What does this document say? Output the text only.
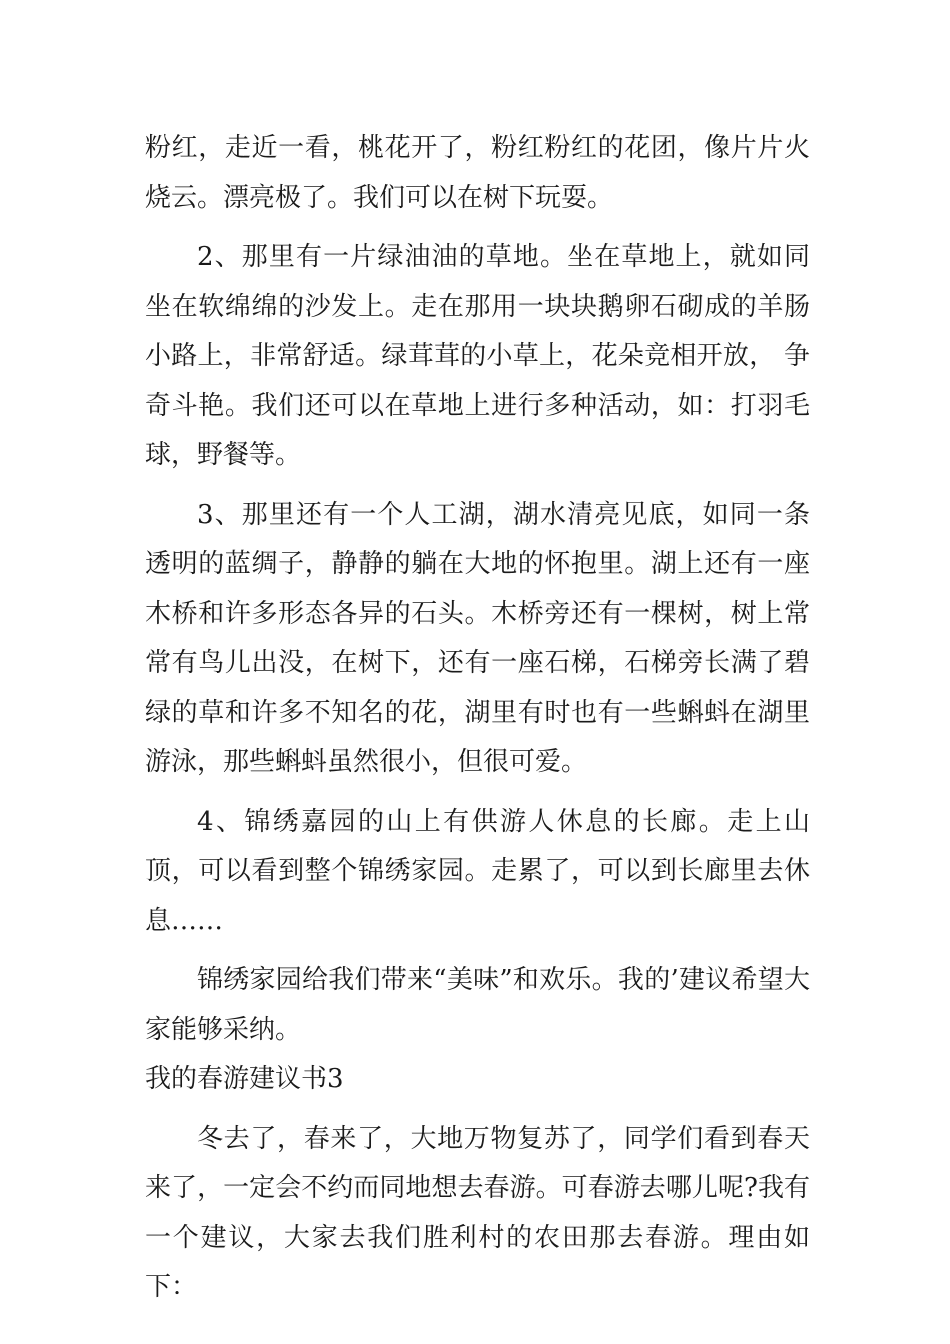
粉红，走近一看，桃花开了，粉红粉红的花团，像片片火烧云。漂亮极了。我们可以在树下玩耍。

2、那里有一片绿油油的草地。坐在草地上，就如同坐在软绵绵的沙发上。走在那用一块块鹅卵石砌成的羊肠小路上，非常舒适。绿茸茸的小草上，花朵竞相开放， 争奇斗艳。我们还可以在草地上进行多种活动，如：打羽毛球，野餐等。

3、那里还有一个人工湖，湖水清亮见底，如同一条透明的蓝绸子，静静的躺在大地的怀抱里。湖上还有一座木桥和许多形态各异的石头。木桥旁还有一棵树，树上常常有鸟儿出没，在树下，还有一座石梯，石梯旁长满了碧绿的草和许多不知名的花，湖里有时也有一些蝌蚪在湖里游泳，那些蝌蚪虽然很小，但很可爱。

4、锦绣嘉园的山上有供游人休息的长廊。走上山顶，可以看到整个锦绣家园。走累了，可以到长廊里去休息……

锦绣家园给我们带来“美味”和欢乐。我的’建议希望大家能够采纳。

我的春游建议书3

冬去了，春来了，大地万物复苏了，同学们看到春天来了，一定会不约而同地想去春游。可春游去哪儿呢?我有一个建议，大家去我们胜利村的农田那去春游。理由如下：
